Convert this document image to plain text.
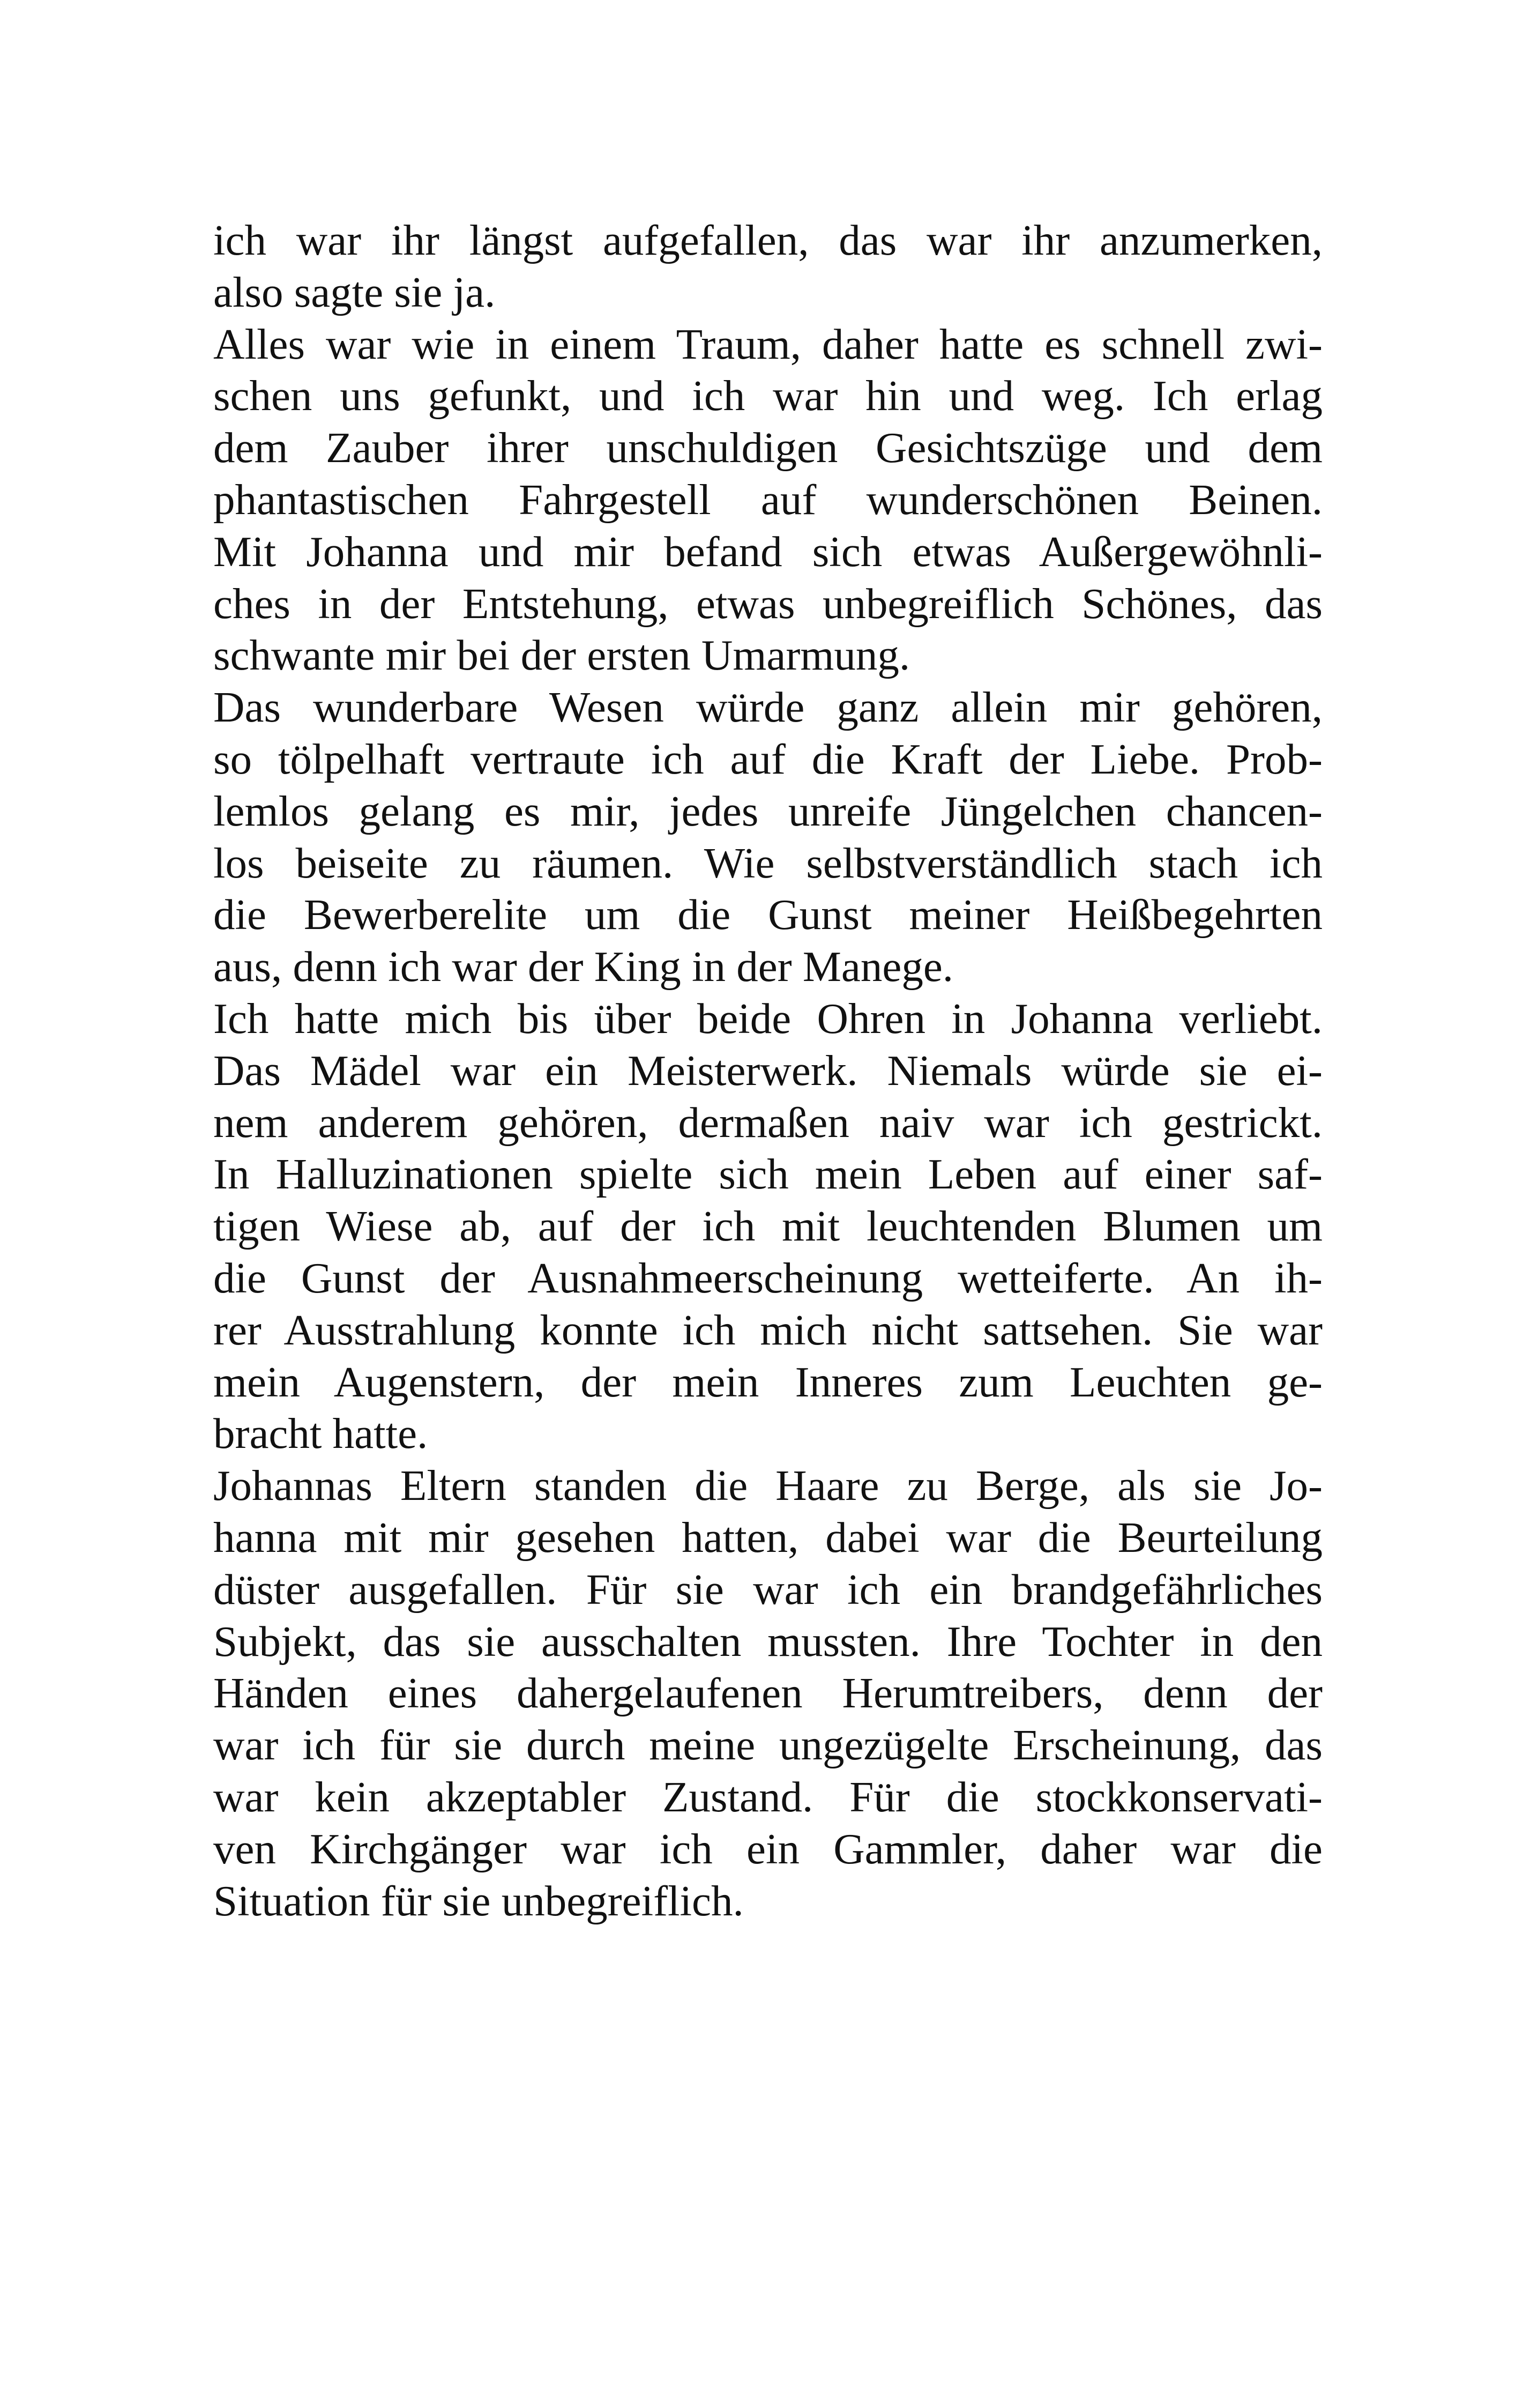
ich war ihr längst aufgefallen, das war ihr anzumerken,
also sagte sie ja.
Alles war wie in einem Traum, daher hatte es schnell zwi-
schen uns gefunkt, und ich war hin und weg. Ich erlag
dem Zauber ihrer unschuldigen Gesichtszüge und dem
phantastischen Fahrgestell auf wunderschönen Beinen.
Mit Johanna und mir befand sich etwas Außergewöhnli-
ches in der Entstehung, etwas unbegreiflich Schönes, das
schwante mir bei der ersten Umarmung.
Das wunderbare Wesen würde ganz allein mir gehören,
so tölpelhaft vertraute ich auf die Kraft der Liebe. Prob-
lemlos gelang es mir, jedes unreife Jüngelchen chancen-
los beiseite zu räumen. Wie selbstverständlich stach ich
die Bewerberelite um die Gunst meiner Heißbegehrten
aus, denn ich war der King in der Manege.
Ich hatte mich bis über beide Ohren in Johanna verliebt.
Das Mädel war ein Meisterwerk. Niemals würde sie ei-
nem anderem gehören, dermaßen naiv war ich gestrickt.
In Halluzinationen spielte sich mein Leben auf einer saf-
tigen Wiese ab, auf der ich mit leuchtenden Blumen um
die Gunst der Ausnahmeerscheinung wetteiferte. An ih-
rer Ausstrahlung konnte ich mich nicht sattsehen. Sie war
mein Augenstern, der mein Inneres zum Leuchten ge-
bracht hatte.
Johannas Eltern standen die Haare zu Berge, als sie Jo-
hanna mit mir gesehen hatten, dabei war die Beurteilung
düster ausgefallen. Für sie war ich ein brandgefährliches
Subjekt, das sie ausschalten mussten. Ihre Tochter in den
Händen eines dahergelaufenen Herumtreibers, denn der
war ich für sie durch meine ungezügelte Erscheinung, das
war kein akzeptabler Zustand. Für die stockkonservati-
ven Kirchgänger war ich ein Gammler, daher war die
Situation für sie unbegreiflich.
